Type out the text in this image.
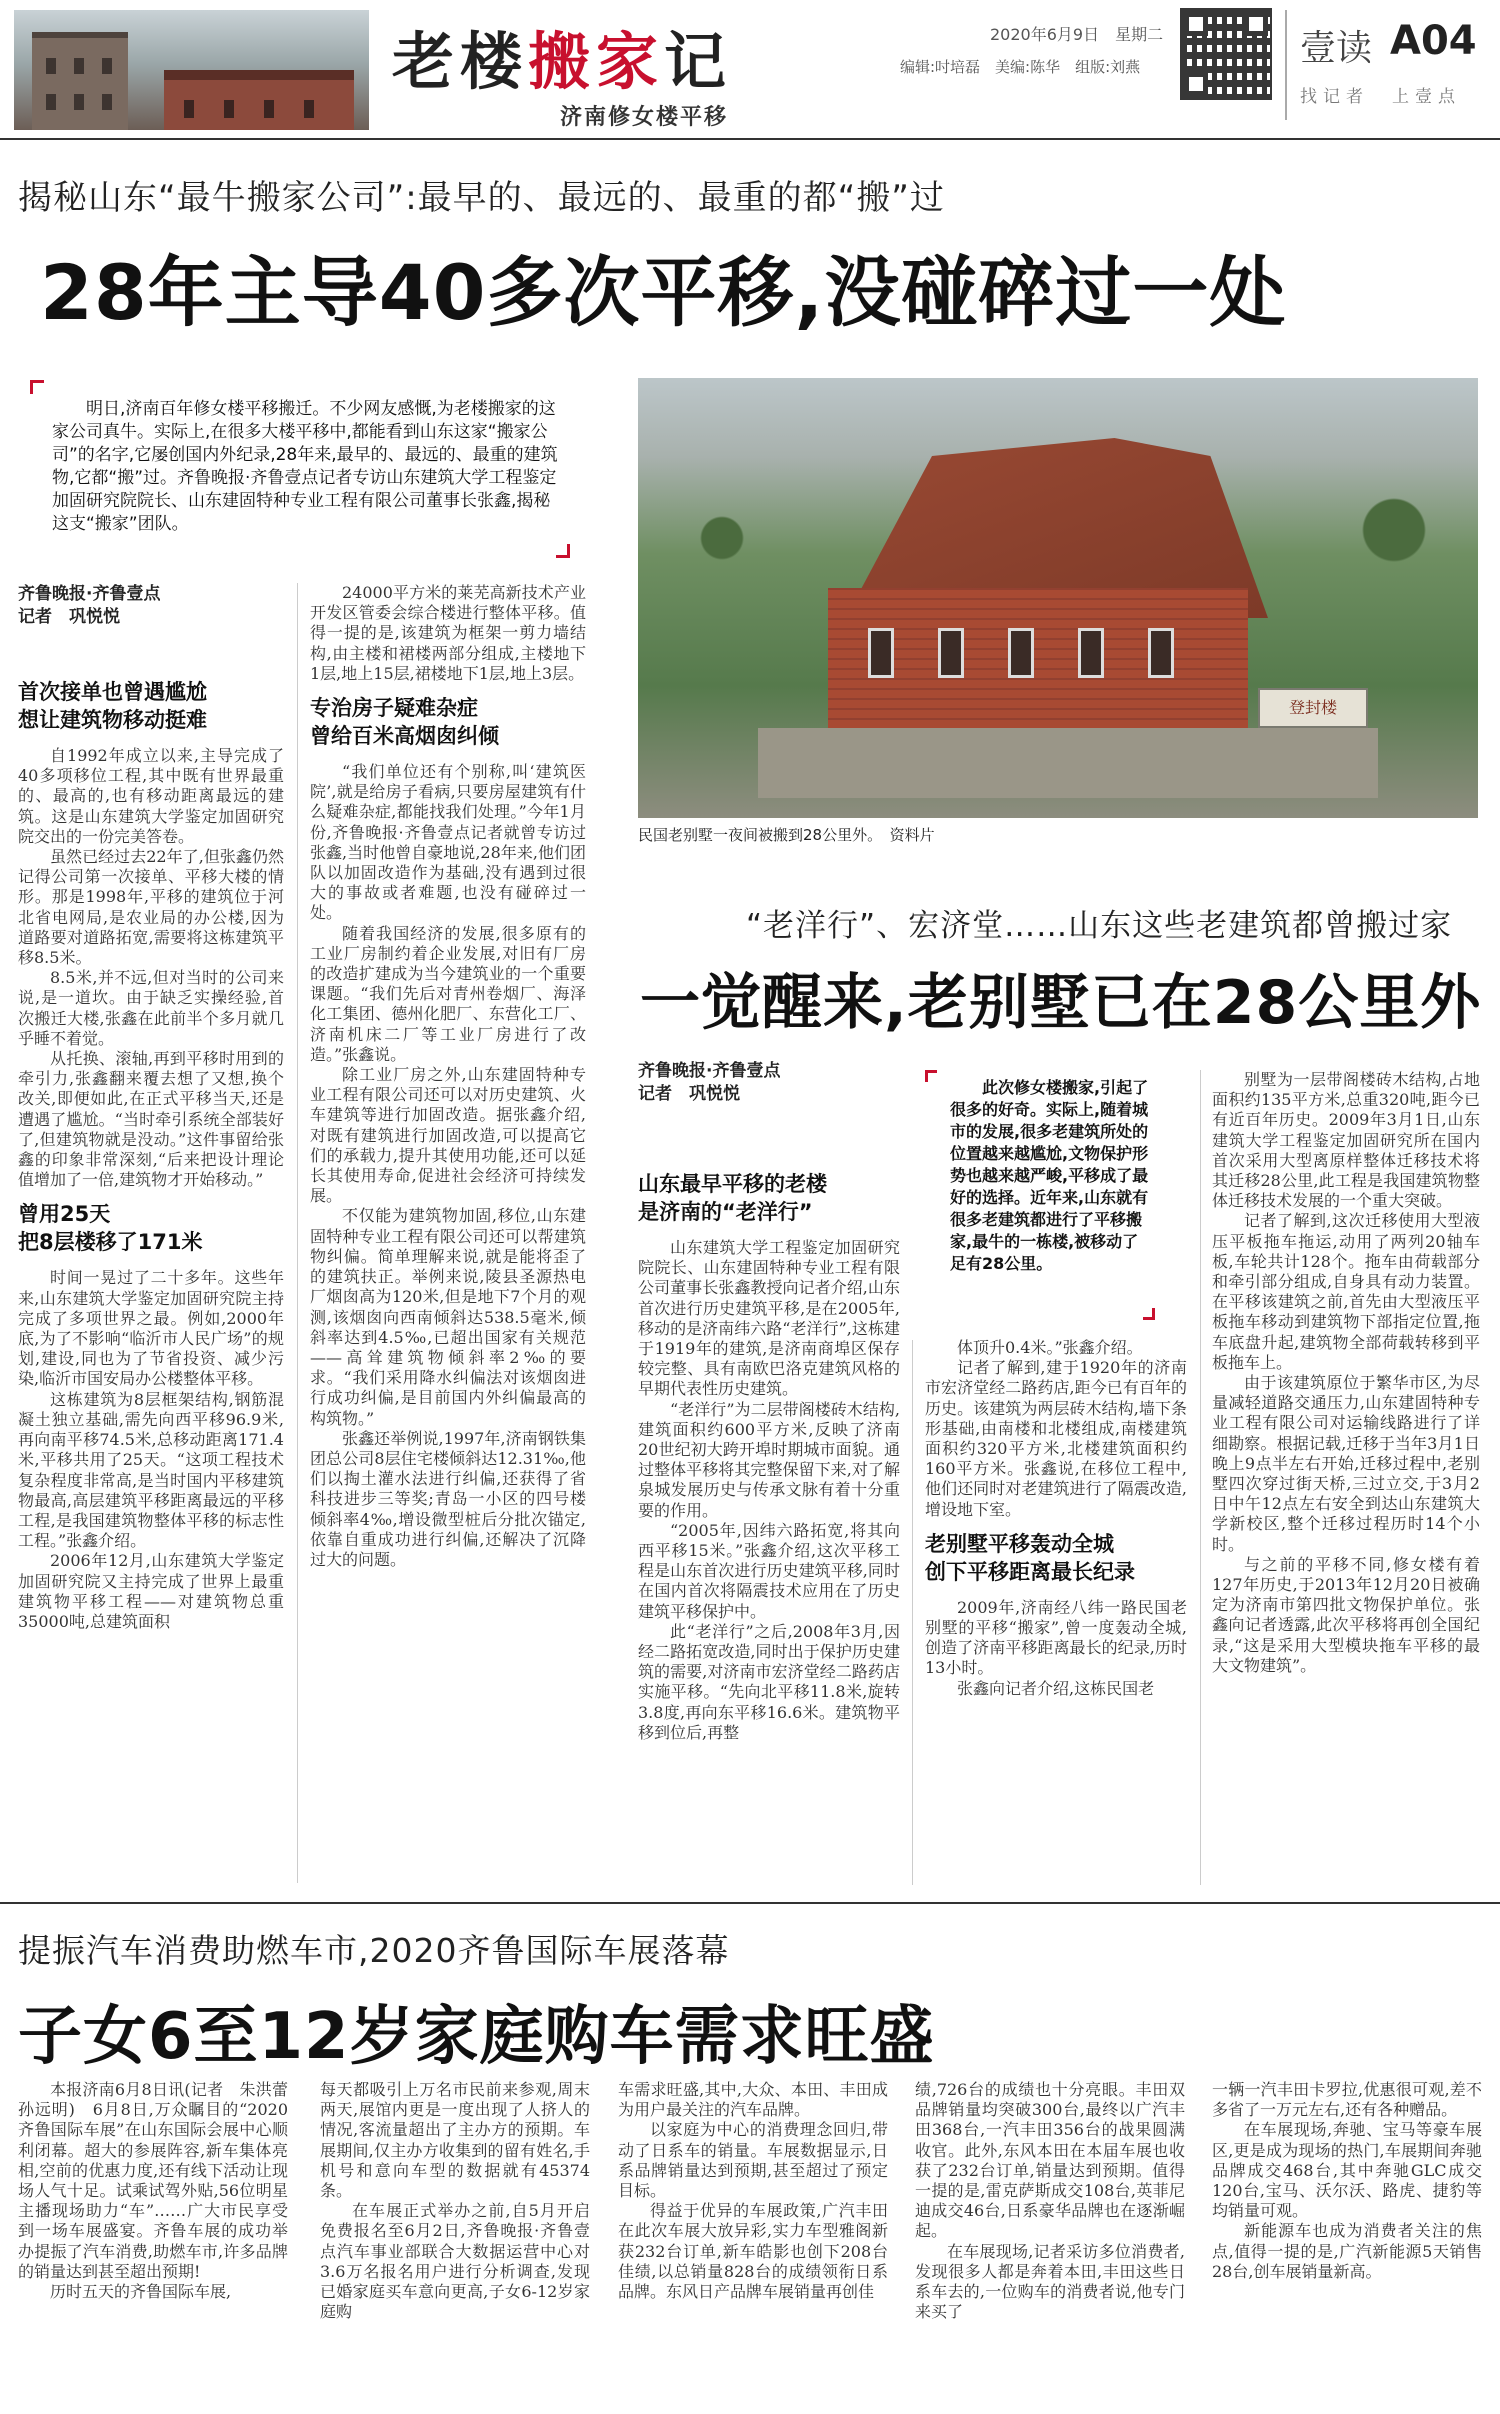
老楼搬家记
济南修女楼平移
2020年6月9日　星期二
编辑:吋培磊　美编:陈华　组版:刘燕	壹读 A04
找记者　上壹点
揭秘山东“最牛搬家公司”:最早的、最远的、最重的都“搬”过
28年主导40多次平移,没碰碎过一处
明日,济南百年修女楼平移搬迁。不少网友感慨,为老楼搬家的这家公司真牛。实际上,在很多大楼平移中,都能看到山东这家“搬家公司”的名字,它屡创国内外纪录,28年来,最早的、最远的、最重的建筑物,它都“搬”过。齐鲁晚报·齐鲁壹点记者专访山东建筑大学工程鉴定加固研究院院长、山东建固特种专业工程有限公司董事长张鑫,揭秘这支“搬家”团队。
齐鲁晚报·齐鲁壹点
记者　巩悦悦
首次接单也曾遇尴尬
想让建筑物移动挺难
自1992年成立以来,主导完成了40多项移位工程,其中既有世界最重的、最高的,也有移动距离最远的建筑。这是山东建筑大学鉴定加固研究院交出的一份完美答卷。
虽然已经过去22年了,但张鑫仍然记得公司第一次接单、平移大楼的情形。那是1998年,平移的建筑位于河北省电网局,是农业局的办公楼,因为道路要对道路拓宽,需要将这栋建筑平移8.5米。
8.5米,并不远,但对当时的公司来说,是一道坎。由于缺乏实操经验,首次搬迁大楼,张鑫在此前半个多月就几乎睡不着觉。
从托换、滚轴,再到平移时用到的牵引力,张鑫翻来覆去想了又想,换个改关,即便如此,在正式平移当天,还是遭遇了尴尬。“当时牵引系统全部装好了,但建筑物就是没动。”这件事留给张鑫的印象非常深刻,“后来把设计理论值增加了一倍,建筑物才开始移动。”
曾用25天
把8层楼移了171米
时间一晃过了二十多年。这些年来,山东建筑大学鉴定加固研究院主持完成了多项世界之最。例如,2000年底,为了不影响“临沂市人民广场”的规划,建设,同也为了节省投资、减少污染,临沂市国安局办公楼整体平移。
这栋建筑为8层框架结构,钢筋混凝土独立基础,需先向西平移96.9米,再向南平移74.5米,总移动距离171.4米,平移共用了25天。“这项工程技术复杂程度非常高,是当时国内平移建筑物最高,高层建筑平移距离最远的平移工程,是我国建筑物整体平移的标志性工程。”张鑫介绍。
2006年12月,山东建筑大学鉴定加固研究院又主持完成了世界上最重建筑物平移工程——对建筑物总重35000吨,总建筑面积
24000平方米的莱芜高新技术产业开发区管委会综合楼进行整体平移。值得一提的是,该建筑为框架一剪力墙结构,由主楼和裙楼两部分组成,主楼地下1层,地上15层,裙楼地下1层,地上3层。
专治房子疑难杂症
曾给百米高烟囱纠倾
“我们单位还有个别称,叫‘建筑医院’,就是给房子看病,只要房屋建筑有什么疑难杂症,都能找我们处理。”今年1月份,齐鲁晚报·齐鲁壹点记者就曾专访过张鑫,当时他曾自豪地说,28年来,他们团队以加固改造作为基础,没有遇到过很大的事故或者难题,也没有碰碎过一处。
随着我国经济的发展,很多原有的工业厂房制约着企业发展,对旧有厂房的改造扩建成为当今建筑业的一个重要课题。“我们先后对青州卷烟厂、海泽化工集团、德州化肥厂、东营化工厂、济南机床二厂等工业厂房进行了改造。”张鑫说。
除工业厂房之外,山东建固特种专业工程有限公司还可以对历史建筑、火车建筑等进行加固改造。据张鑫介绍,对既有建筑进行加固改造,可以提高它们的承载力,提升其使用功能,还可以延长其使用寿命,促进社会经济可持续发展。
不仅能为建筑物加固,移位,山东建固特种专业工程有限公司还可以帮建筑物纠偏。简单理解来说,就是能将歪了的建筑扶正。举例来说,陵县圣源热电厂烟囱高为120米,但是地下7个月的观测,该烟囱向西南倾斜达538.5毫米,倾斜率达到4.5‰,已超出国家有关规范——高耸建筑物倾斜率2‰的要求。“我们采用降水纠偏法对该烟囱进行成功纠偏,是目前国内外纠偏最高的构筑物。”
张鑫还举例说,1997年,济南钢铁集团总公司8层住宅楼倾斜达12.31‰,他们以掏土灌水法进行纠偏,还获得了省科技进步三等奖;青岛一小区的四号楼倾斜率4‰,增设微型桩后分批次锚定,依靠自重成功进行纠偏,还解决了沉降过大的问题。
登封楼
民国老别墅一夜间被搬到28公里外。　资料片
“老洋行”、宏济堂……山东这些老建筑都曾搬过家
一觉醒来,老别墅已在28公里外
齐鲁晚报·齐鲁壹点
记者　巩悦悦	此次修女楼搬家,引起了很多的好奇。实际上,随着城市的发展,很多老建筑所处的位置越来越尴尬,文物保护形势也越来越严峻,平移成了最好的选择。近年来,山东就有很多老建筑都进行了平移搬家,最牛的一栋楼,被移动了足有28公里。
山东最早平移的老楼
是济南的“老洋行”
山东建筑大学工程鉴定加固研究院院长、山东建固特种专业工程有限公司董事长张鑫教授向记者介绍,山东首次进行历史建筑平移,是在2005年,移动的是济南纬六路“老洋行”,这栋建于1919年的建筑,是济南商埠区保存较完整、具有南欧巴洛克建筑风格的早期代表性历史建筑。
“老洋行”为二层带阁楼砖木结构,建筑面积约600平方米,反映了济南20世纪初大跨开埠时期城市面貌。通过整体平移将其完整保留下来,对了解泉城发展历史与传承文脉有着十分重要的作用。
“2005年,因纬六路拓宽,将其向西平移15米。”张鑫介绍,这次平移工程是山东首次进行历史建筑平移,同时在国内首次将隔震技术应用在了历史建筑平移保护中。
此“老洋行”之后,2008年3月,因经二路拓宽改造,同时出于保护历史建筑的需要,对济南市宏济堂经二路药店实施平移。“先向北平移11.8米,旋转3.8度,再向东平移16.6米。建筑物平移到位后,再整
体顶升0.4米。”张鑫介绍。
记者了解到,建于1920年的济南市宏济堂经二路药店,距今已有百年的历史。该建筑为两层砖木结构,墙下条形基础,由南楼和北楼组成,南楼建筑面积约320平方米,北楼建筑面积约160平方米。张鑫说,在移位工程中,他们还同时对老建筑进行了隔震改造,增设地下室。
老别墅平移轰动全城
创下平移距离最长纪录
2009年,济南经八纬一路民国老别墅的平移“搬家”,曾一度轰动全城,创造了济南平移距离最长的纪录,历时13小时。
张鑫向记者介绍,这栋民国老
别墅为一层带阁楼砖木结构,占地面积约135平方米,总重320吨,距今已有近百年历史。2009年3月1日,山东建筑大学工程鉴定加固研究所在国内首次采用大型离原样整体迁移技术将其迁移28公里,此工程是我国建筑物整体迁移技术发展的一个重大突破。
记者了解到,这次迁移使用大型液压平板拖车拖运,动用了两列20轴车板,车轮共计128个。拖车由荷载部分和牵引部分组成,自身具有动力装置。在平移该建筑之前,首先由大型液压平板拖车移动到建筑物下部指定位置,拖车底盘升起,建筑物全部荷载转移到平板拖车上。
由于该建筑原位于繁华市区,为尽量减轻道路交通压力,山东建固特种专业工程有限公司对运输线路进行了详细勘察。根据记载,迁移于当年3月1日晚上9点半左右开始,迁移过程中,老别墅四次穿过街天桥,三过立交,于3月2日中午12点左右安全到达山东建筑大学新校区,整个迁移过程历时14个小时。
与之前的平移不同,修女楼有着127年历史,于2013年12月20日被确定为济南市第四批文物保护单位。张鑫向记者透露,此次平移将再创全国纪录,“这是采用大型模块拖车平移的最大文物建筑”。
提振汽车消费助燃车市,2020齐鲁国际车展落幕
子女6至12岁家庭购车需求旺盛
本报济南6月8日讯(记者　朱洪蕾　孙远明)　6月8日,万众瞩目的“2020齐鲁国际车展”在山东国际会展中心顺利闭幕。超大的参展阵容,新车集体亮相,空前的优惠力度,还有线下活动让现场人气十足。试乘试驾外贴,56位明星主播现场助力“车”……广大市民享受到一场车展盛宴。齐鲁车展的成功举办提振了汽车消费,助燃车市,许多品牌的销量达到甚至超出预期!
历时五天的齐鲁国际车展,
每天都吸引上万名市民前来参观,周末两天,展馆内更是一度出现了人挤人的情况,客流量超出了主办方的预期。车展期间,仅主办方收集到的留有姓名,手机号和意向车型的数据就有45374条。
在车展正式举办之前,自5月开启免费报名至6月2日,齐鲁晚报·齐鲁壹点汽车事业部联合大数据运营中心对3.6万名报名用户进行分析调查,发现已婚家庭买车意向更高,子女6-12岁家庭购
车需求旺盛,其中,大众、本田、丰田成为用户最关注的汽车品牌。
以家庭为中心的消费理念回归,带动了日系车的销量。车展数据显示,日系品牌销量达到预期,甚至超过了预定目标。
得益于优异的车展政策,广汽丰田在此次车展大放异彩,实力车型雅阁新获232台订单,新车皓影也创下208台佳绩,以总销量828台的成绩领衔日系品牌。东风日产品牌车展销量再创佳
绩,726台的成绩也十分亮眼。丰田双品牌销量均突破300台,最终以广汽丰田368台,一汽丰田356台的战果圆满收官。此外,东风本田在本届车展也收获了232台订单,销量达到预期。值得一提的是,雷克萨斯成交108台,英菲尼迪成交46台,日系豪华品牌也在逐渐崛起。
在车展现场,记者采访多位消费者,发现很多人都是奔着本田,丰田这些日系车去的,一位购车的消费者说,他专门来买了
一辆一汽丰田卡罗拉,优惠很可观,差不多省了一万元左右,还有各种赠品。
在车展现场,奔驰、宝马等豪车展区,更是成为现场的热门,车展期间奔驰品牌成交468台,其中奔驰GLC成交120台,宝马、沃尔沃、路虎、捷豹等均销量可观。
新能源车也成为消费者关注的焦点,值得一提的是,广汽新能源5天销售28台,创车展销量新高。
